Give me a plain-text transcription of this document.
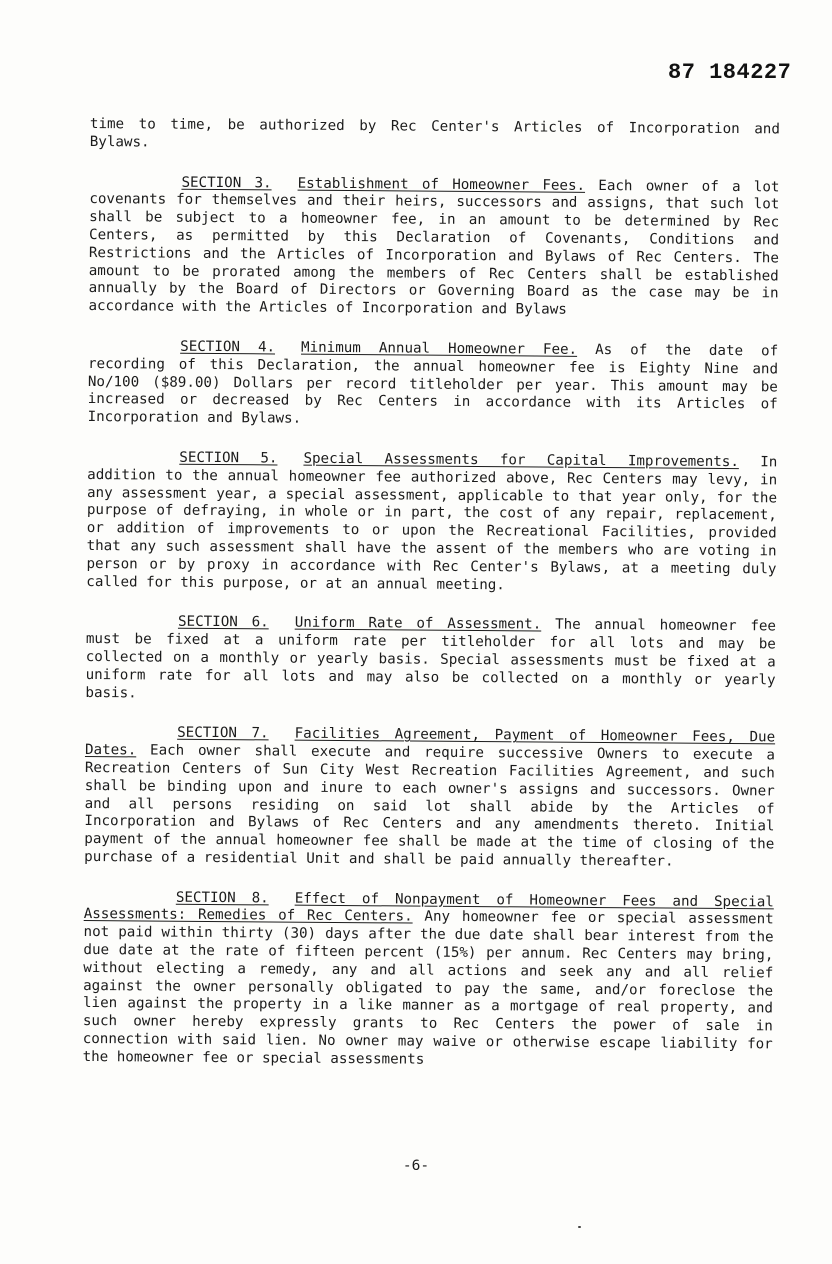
87 184227

time to time, be authorized by Rec Center's Articles of Incorporation and Bylaws.

SECTION 3. Establishment of Homeowner Fees. Each owner of a lot covenants for themselves and their heirs, successors and assigns, that such lot shall be subject to a homeowner fee, in an amount to be determined by Rec Centers, as permitted by this Declaration of Covenants, Conditions and Restrictions and the Articles of Incorporation and Bylaws of Rec Centers. The amount to be prorated among the members of Rec Centers shall be established annually by the Board of Directors or Governing Board as the case may be in accordance with the Articles of Incorporation and Bylaws

SECTION 4. Minimum Annual Homeowner Fee. As of the date of recording of this Declaration, the annual homeowner fee is Eighty Nine and No/100 ($89.00) Dollars per record titleholder per year. This amount may be increased or decreased by Rec Centers in accordance with its Articles of Incorporation and Bylaws.

SECTION 5. Special Assessments for Capital Improvements. In addition to the annual homeowner fee authorized above, Rec Centers may levy, in any assessment year, a special assessment, applicable to that year only, for the purpose of defraying, in whole or in part, the cost of any repair, replacement, or addition of improvements to or upon the Recreational Facilities, provided that any such assessment shall have the assent of the members who are voting in person or by proxy in accordance with Rec Center's Bylaws, at a meeting duly called for this purpose, or at an annual meeting.

SECTION 6. Uniform Rate of Assessment. The annual homeowner fee must be fixed at a uniform rate per titleholder for all lots and may be collected on a monthly or yearly basis. Special assessments must be fixed at a uniform rate for all lots and may also be collected on a monthly or yearly basis.

SECTION 7. Facilities Agreement, Payment of Homeowner Fees, Due Dates. Each owner shall execute and require successive Owners to execute a Recreation Centers of Sun City West Recreation Facilities Agreement, and such shall be binding upon and inure to each owner's assigns and successors. Owner and all persons residing on said lot shall abide by the Articles of Incorporation and Bylaws of Rec Centers and any amendments thereto. Initial payment of the annual homeowner fee shall be made at the time of closing of the purchase of a residential Unit and shall be paid annually thereafter.

SECTION 8. Effect of Nonpayment of Homeowner Fees and Special Assessments: Remedies of Rec Centers. Any homeowner fee or special assessment not paid within thirty (30) days after the due date shall bear interest from the due date at the rate of fifteen percent (15%) per annum. Rec Centers may bring, without electing a remedy, any and all actions and seek any and all relief against the owner personally obligated to pay the same, and/or foreclose the lien against the property in a like manner as a mortgage of real property, and such owner hereby expressly grants to Rec Centers the power of sale in connection with said lien. No owner may waive or otherwise escape liability for the homeowner fee or special assessments

-6-
